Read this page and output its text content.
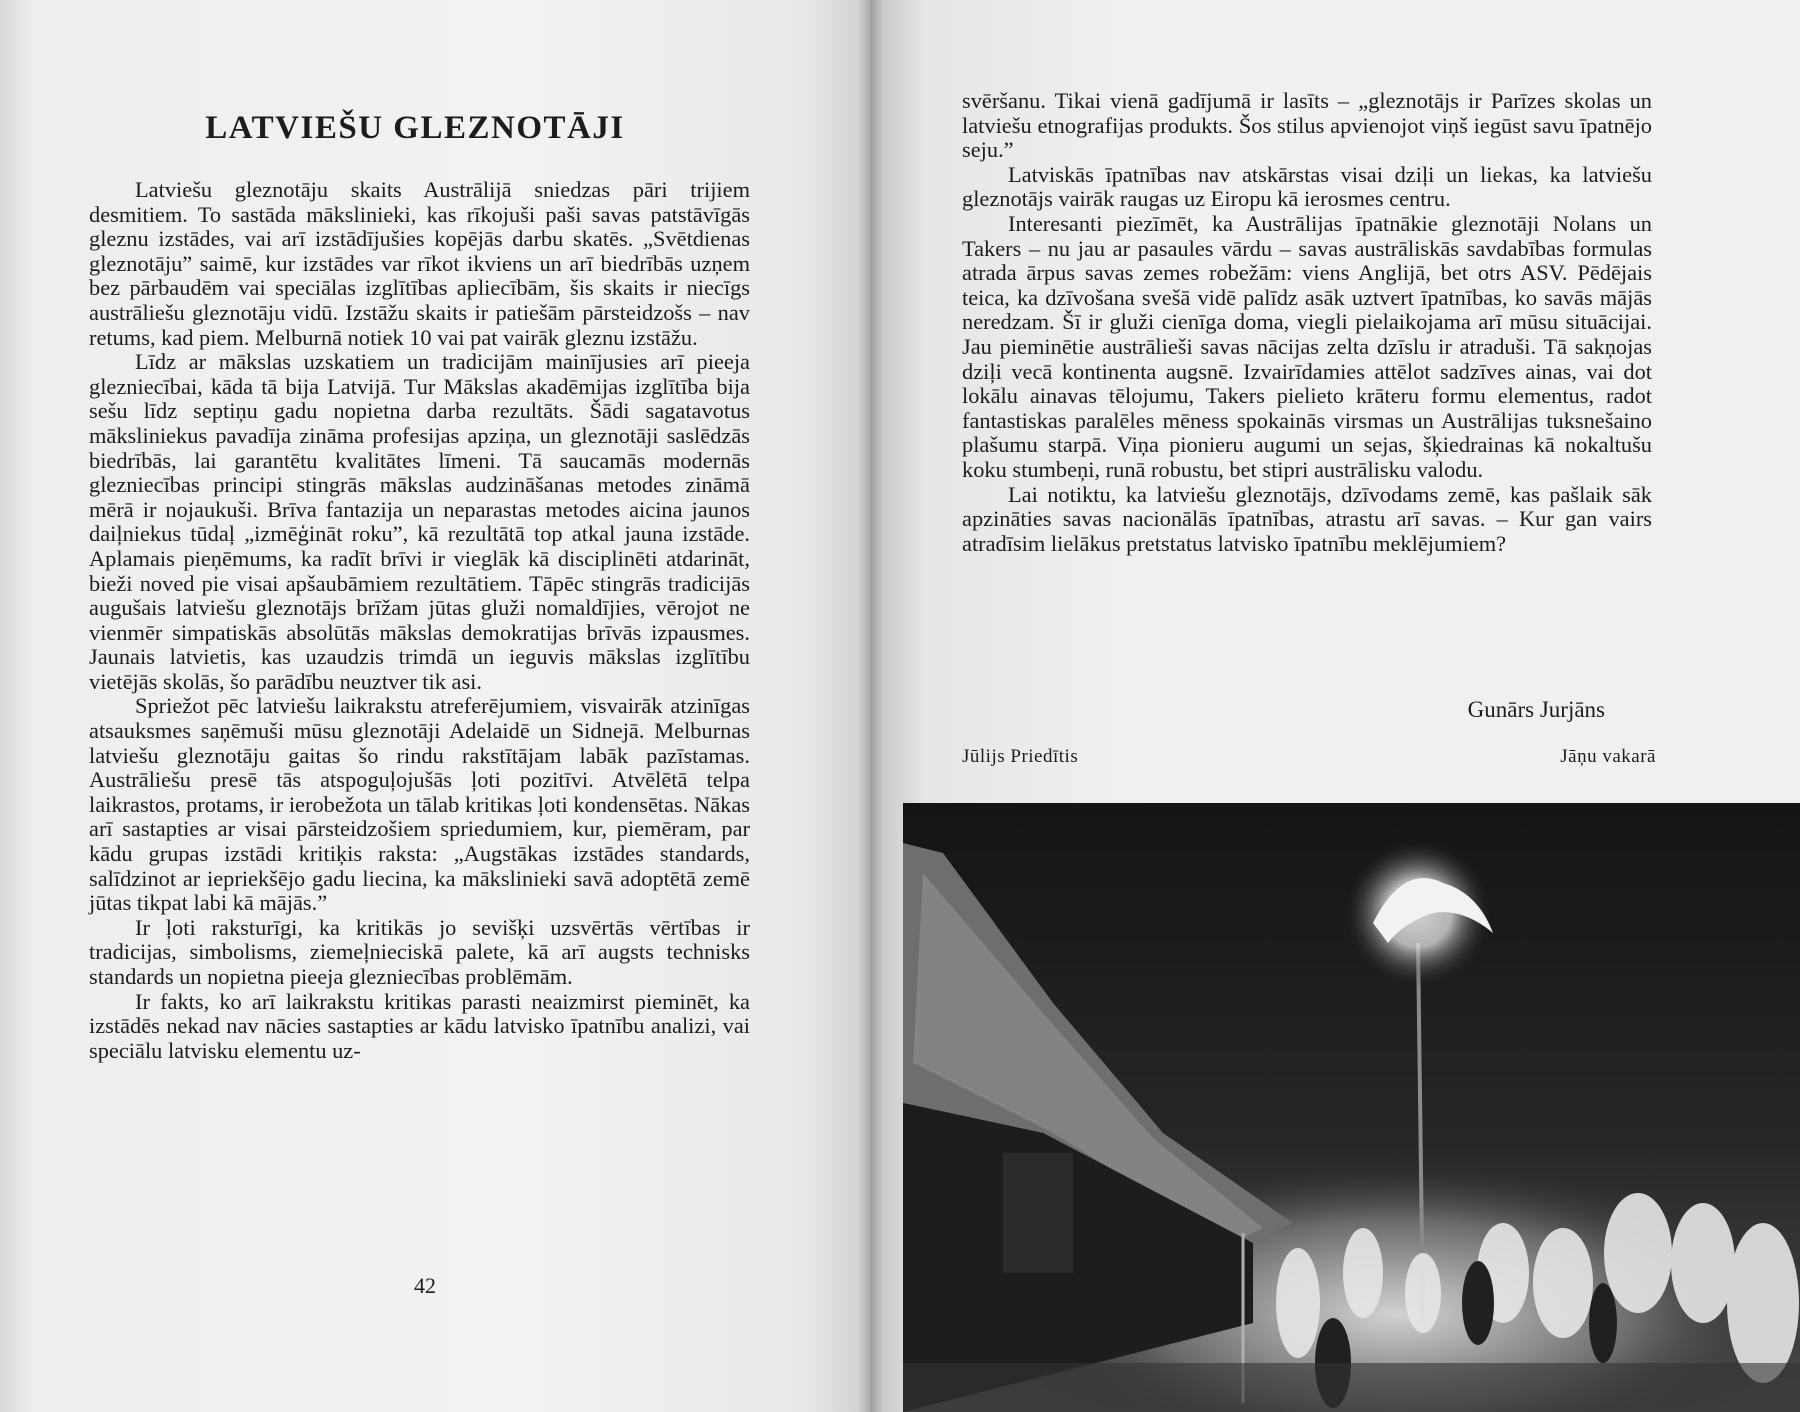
LATVIEŠU GLEZNOTĀJI

Latviešu gleznotāju skaits Austrālijā sniedzas pāri trijiem desmitiem. To sastāda mākslinieki, kas rīkojuši paši savas patstāvīgās gleznu izstādes, vai arī izstādījušies kopējās darbu skatēs. „Svētdienas gleznotāju” saimē, kur izstādes var rīkot ikviens un arī biedrībās uzņem bez pārbaudēm vai speciālas izglītības apliecībām, šis skaits ir niecīgs austrāliešu gleznotāju vidū. Izstāžu skaits ir patiešām pārsteidzošs – nav retums, kad piem. Melburnā notiek 10 vai pat vairāk gleznu izstāžu.

Līdz ar mākslas uzskatiem un tradicijām mainījusies arī pieeja glezniecībai, kāda tā bija Latvijā. Tur Mākslas akadēmijas izglītība bija sešu līdz septiņu gadu nopietna darba rezultāts. Šādi sagatavotus māksliniekus pavadīja zināma profesijas apziņa, un gleznotāji saslēdzās biedrībās, lai garantētu kvalitātes līmeni. Tā saucamās modernās glezniecības principi stingrās mākslas audzināšanas metodes zināmā mērā ir nojaukuši. Brīva fantazija un neparastas metodes aicina jaunos daiļniekus tūdaļ „izmēģināt roku”, kā rezultātā top atkal jauna izstāde. Aplamais pieņēmums, ka radīt brīvi ir vieglāk kā disciplinēti atdarināt, bieži noved pie visai apšaubāmiem rezultātiem. Tāpēc stingrās tradicijās augušais latviešu gleznotājs brīžam jūtas gluži nomaldījies, vērojot ne vienmēr simpatiskās absolūtās mākslas demokratijas brīvās izpausmes. Jaunais latvietis, kas uzaudzis trimdā un ieguvis mākslas izglītību vietējās skolās, šo parādību neuztver tik asi.

Spriežot pēc latviešu laikrakstu atreferējumiem, visvairāk atzinīgas atsauksmes saņēmuši mūsu gleznotāji Adelaidē un Sidnejā. Melburnas latviešu gleznotāju gaitas šo rindu rakstītājam labāk pazīstamas. Austrāliešu presē tās atspoguļojušās ļoti pozitīvi. Atvēlētā telpa laikrastos, protams, ir ierobežota un tālab kritikas ļoti kondensētas. Nākas arī sastapties ar visai pārsteidzošiem spriedumiem, kur, piemēram, par kādu grupas izstādi kritiķis raksta: „Augstākas izstādes standards, salīdzinot ar iepriekšējo gadu liecina, ka mākslinieki savā adoptētā zemē jūtas tikpat labi kā mājās.”

Ir ļoti raksturīgi, ka kritikās jo sevišķi uzsvērtās vērtības ir tradicijas, simbolisms, ziemeļnieciskā palete, kā arī augsts technisks standards un nopietna pieeja glezniecības problēmām.

Ir fakts, ko arī laikrakstu kritikas parasti neaizmirst pieminēt, ka izstādēs nekad nav nācies sastapties ar kādu latvisko īpatnību analizi, vai speciālu latvisku elementu uz-

42

svēršanu. Tikai vienā gadījumā ir lasīts – „gleznotājs ir Parīzes skolas un latviešu etnografijas produkts. Šos stilus apvienojot viņš iegūst savu īpatnējo seju.”

Latviskās īpatnības nav atskārstas visai dziļi un liekas, ka latviešu gleznotājs vairāk raugas uz Eiropu kā ierosmes centru.

Interesanti piezīmēt, ka Austrālijas īpatnākie gleznotāji Nolans un Takers – nu jau ar pasaules vārdu – savas austrāliskās savdabības formulas atrada ārpus savas zemes robežām: viens Anglijā, bet otrs ASV. Pēdējais teica, ka dzīvošana svešā vidē palīdz asāk uztvert īpatnības, ko savās mājās neredzam. Šī ir gluži cienīga doma, viegli pielaikojama arī mūsu situācijai. Jau pieminētie austrālieši savas nācijas zelta dzīslu ir atraduši. Tā sakņojas dziļi vecā kontinenta augsnē. Izvairīdamies attēlot sadzīves ainas, vai dot lokālu ainavas tēlojumu, Takers pielieto krāteru formu elementus, radot fantastiskas paralēles mēness spokainās virsmas un Austrālijas tuksnešaino plašumu starpā. Viņa pionieru augumi un sejas, šķiedrainas kā nokaltušu koku stumbeņi, runā robustu, bet stipri austrālisku valodu.

Lai notiktu, ka latviešu gleznotājs, dzīvodams zemē, kas pašlaik sāk apzināties savas nacionālās īpatnības, atrastu arī savas. – Kur gan vairs atradīsim lielākus pretstatus latvisko īpatnību meklējumiem?

Gunārs Jurjāns
Jūlijs Priedītis	Jāņu vakarā
